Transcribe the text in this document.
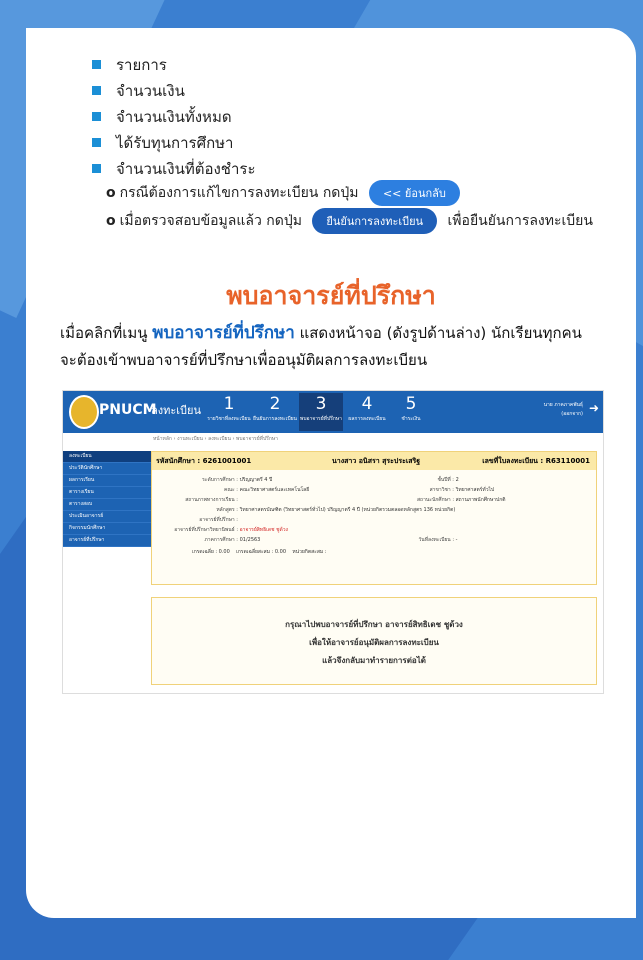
รายการ
จำนวนเงิน
จำนวนเงินทั้งหมด
ได้รับทุนการศึกษา
จำนวนเงินที่ต้องชำระ
o กรณีต้องการแก้ไขการลงทะเบียน กดปุ่ม << ย้อนกลับ
o เมื่อตรวจสอบข้อมูลแล้ว กดปุ่ม ยืนยันการลงทะเบียน เพื่อยืนยันการลงทะเบียน
พบอาจารย์ที่ปรึกษา
เมื่อคลิกที่เมนู พบอาจารย์ที่ปรึกษา แสดงหน้าจอ (ดังรูปด้านล่าง) นักเรียนทุกคน
จะต้องเข้าพบอาจารย์ที่ปรึกษาเพื่ออนุมัติผลการลงทะเบียน
PNUCM
ลงทะเบียน	1
รายวิชาที่ลงทะเบียน
2
ยืนยันการลงทะเบียน
3
พบอาจารย์ที่ปรึกษา
4
ผลการลงทะเบียน
5
ชำระเงิน
นาย ภาคภาคพันธุ์
(ออกจาก) ➜
หน้าหลัก › งานทะเบียน › ลงทะเบียน › พบอาจารย์ที่ปรึกษา
ลงทะเบียน
ประวัตินักศึกษา
ผลการเรียน
ตารางเรียน
ตารางสอบ
ประเมินอาจารย์
กิจกรรมนักศึกษา
อาจารย์ที่ปรึกษา
รหัสนักศึกษา : 6261001001	นางสาว อนิสรา สุระประเสริฐ	เลขที่ใบลงทะเบียน : R63110001
ระดับการศึกษา : ปริญญาตรี 4 ปี	ชั้นปีที่ : 2
คณะ : คณะวิทยาศาสตร์และเทคโนโลยี	สาขาวิชา : วิทยาศาสตร์ทั่วไป
สถานภาพทางการเรียน :	สถานะนักศึกษา : สถานภาพนักศึกษาปกติ
หลักสูตร : วิทยาศาสตรบัณฑิต (วิทยาศาสตร์ทั่วไป) ปริญญาตรี 4 ปี (หน่วยกิตรวมตลอดหลักสูตร 136 หน่วยกิต)
อาจารย์ที่ปรึกษา :
อาจารย์ที่ปรึกษาวิทยานิพนธ์ : อาจารย์สิทธิเดช ชูด้วง
ภาคการศึกษา : 01/2563	วันที่ลงทะเบียน : -
เกรดเฉลี่ย : 0.00 เกรดเฉลี่ยสะสม : 0.00 หน่วยกิตสะสม :
กรุณาไปพบอาจารย์ที่ปรึกษา อาจารย์สิทธิเดช ชูด้วง
เพื่อให้อาจารย์อนุมัติผลการลงทะเบียน
แล้วจึงกลับมาทำรายการต่อได้
